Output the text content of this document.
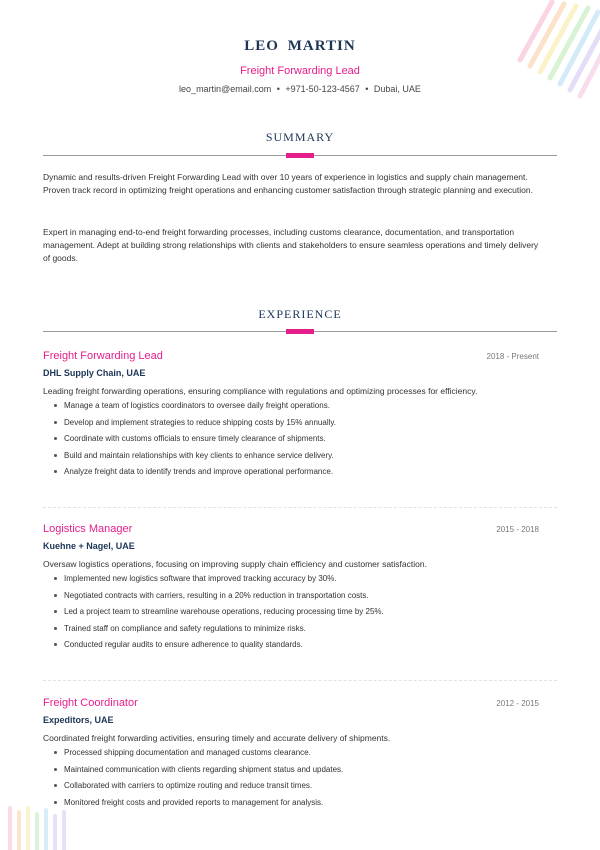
LEO MARTIN
Freight Forwarding Lead
leo_martin@email.com • +971-50-123-4567 • Dubai, UAE
SUMMARY

Dynamic and results-driven Freight Forwarding Lead with over 10 years of experience in logistics and supply chain management. Proven track record in optimizing freight operations and enhancing customer satisfaction through strategic planning and execution.

Expert in managing end-to-end freight forwarding processes, including customs clearance, documentation, and transportation management. Adept at building strong relationships with clients and stakeholders to ensure seamless operations and timely delivery of goods.

EXPERIENCE
Freight Forwarding Lead	2018 - Present
DHL Supply Chain, UAE
Leading freight forwarding operations, ensuring compliance with regulations and optimizing processes for efficiency.
Manage a team of logistics coordinators to oversee daily freight operations.
Develop and implement strategies to reduce shipping costs by 15% annually.
Coordinate with customs officials to ensure timely clearance of shipments.
Build and maintain relationships with key clients to enhance service delivery.
Analyze freight data to identify trends and improve operational performance.
Logistics Manager	2015 - 2018
Kuehne + Nagel, UAE
Oversaw logistics operations, focusing on improving supply chain efficiency and customer satisfaction.
Implemented new logistics software that improved tracking accuracy by 30%.
Negotiated contracts with carriers, resulting in a 20% reduction in transportation costs.
Led a project team to streamline warehouse operations, reducing processing time by 25%.
Trained staff on compliance and safety regulations to minimize risks.
Conducted regular audits to ensure adherence to quality standards.
Freight Coordinator	2012 - 2015
Expeditors, UAE
Coordinated freight forwarding activities, ensuring timely and accurate delivery of shipments.
Processed shipping documentation and managed customs clearance.
Maintained communication with clients regarding shipment status and updates.
Collaborated with carriers to optimize routing and reduce transit times.
Monitored freight costs and provided reports to management for analysis.
